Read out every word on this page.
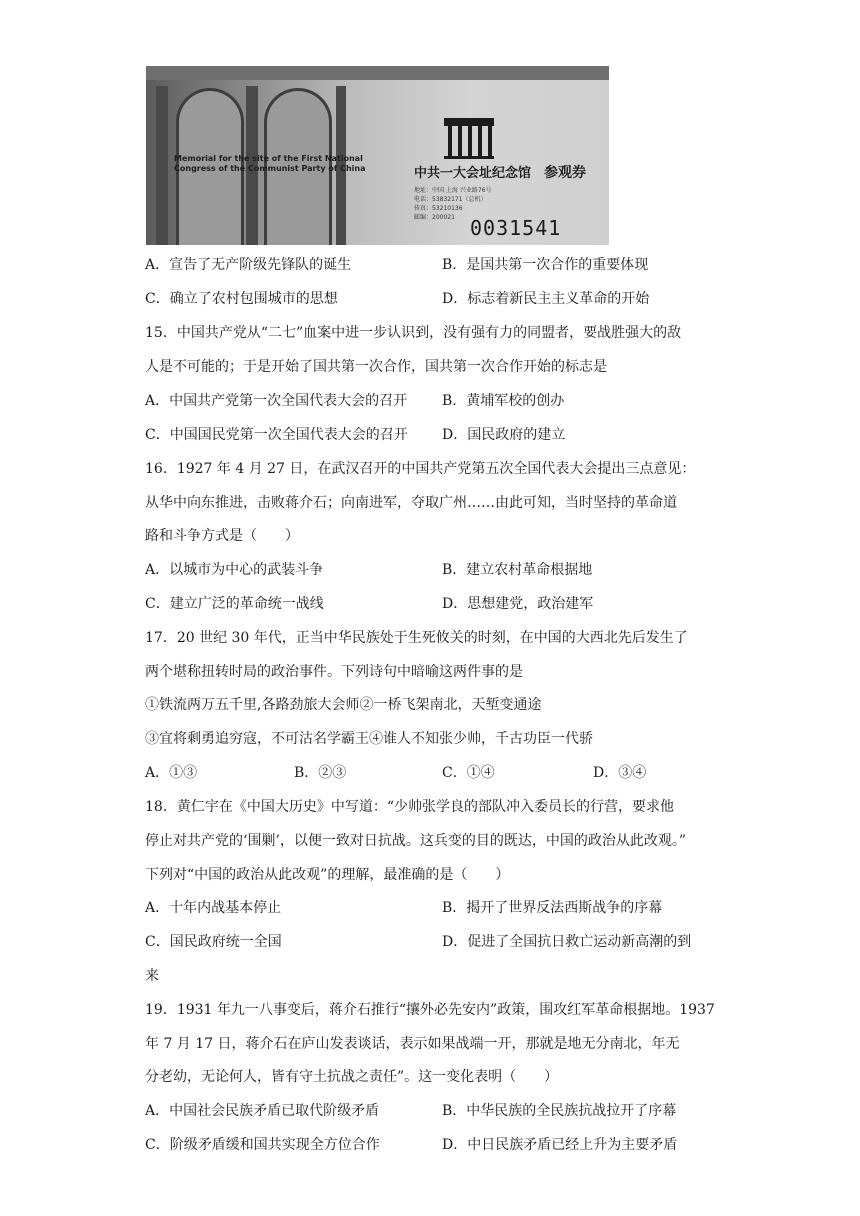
Memorial for the site of the First National
Congress of the Communist Party of China	中共一大会址纪念馆 参观券
地址：中国 上海 兴业路76号
电话：53832171（总机）
传真：53210136
邮编：200021 0031541
A．宣告了无产阶级先锋队的诞生	B．是国共第一次合作的重要体现
C．确立了农村包围城市的思想	D．标志着新民主主义革命的开始
15．中国共产党从“二七”血案中进一步认识到，没有强有力的同盟者，要战胜强大的敌
人是不可能的；于是开始了国共第一次合作，国共第一次合作开始的标志是
A．中国共产党第一次全国代表大会的召开 B．黄埔军校的创办
C．中国国民党第一次全国代表大会的召开 D．国民政府的建立
16．1927 年 4 月 27 日，在武汉召开的中国共产党第五次全国代表大会提出三点意见：
从华中向东推进，击败蒋介石；向南进军，夺取广州……由此可知，当时坚持的革命道
路和斗争方式是（　　）
A．以城市为中心的武装斗争	B．建立农村革命根据地
C．建立广泛的革命统一战线	D．思想建党，政治建军
17．20 世纪 30 年代，正当中华民族处于生死攸关的时刻，在中国的大西北先后发生了
两个堪称扭转时局的政治事件。下列诗句中暗喻这两件事的是
①铁流两万五千里,各路劲旅大会师②一桥飞架南北，天堑变通途
③宜将剩勇追穷寇，不可沽名学霸王④谁人不知张少帅，千古功臣一代骄
A．①③	B．②③	C．①④	D．③④
18．黄仁宇在《中国大历史》中写道：“少帅张学良的部队冲入委员长的行营，要求他
停止对共产党的‘围剿’，以便一致对日抗战。这兵变的目的既达，中国的政治从此改观。”
下列对“中国的政治从此改观”的理解，最准确的是（　　）
A．十年内战基本停止	B．揭开了世界反法西斯战争的序幕
C．国民政府统一全国	D．促进了全国抗日救亡运动新高潮的到
来
19．1931 年九一八事变后，蒋介石推行“攘外必先安内”政策，围攻红军革命根据地。1937
年 7 月 17 日，蒋介石在庐山发表谈话，表示如果战端一开，那就是地无分南北，年无
分老幼，无论何人，皆有守土抗战之责任”。这一变化表明（　　）
A．中国社会民族矛盾已取代阶级矛盾	B．中华民族的全民族抗战拉开了序幕
C．阶级矛盾缓和国共实现全方位合作	D．中日民族矛盾已经上升为主要矛盾
